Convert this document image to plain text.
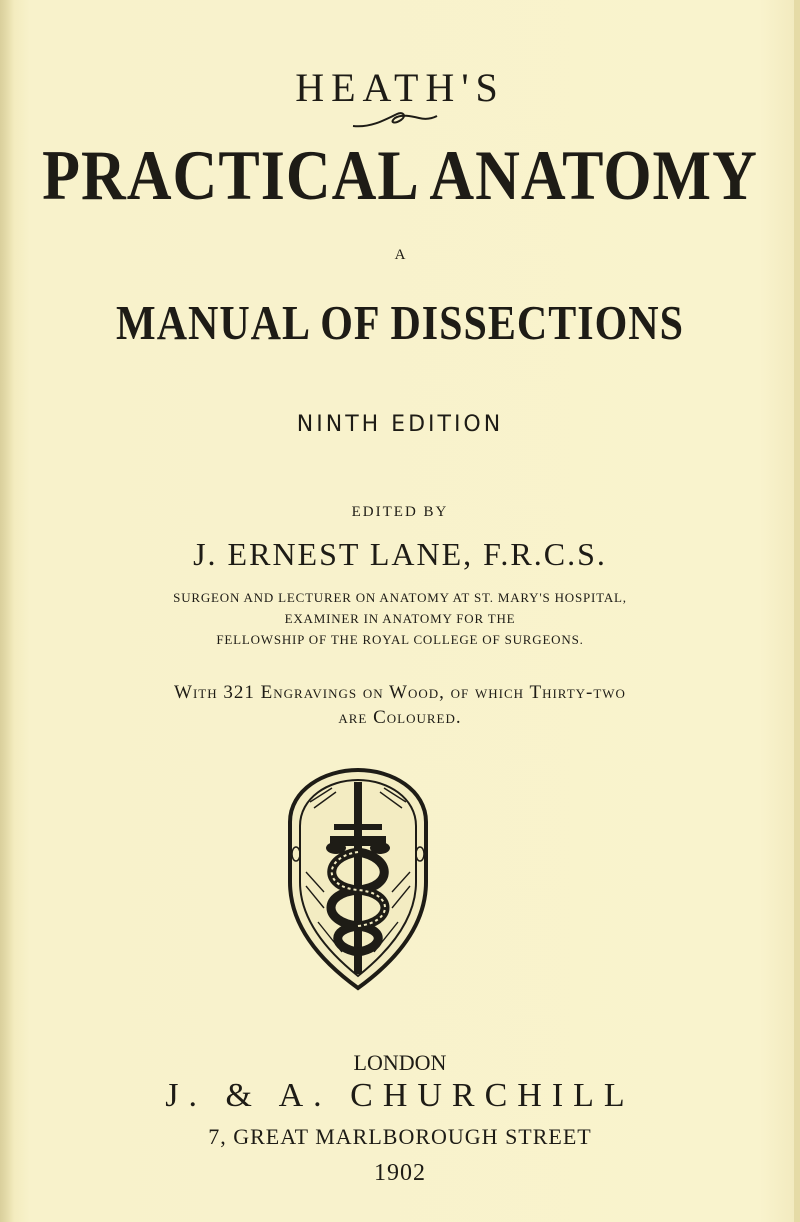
HEATH'S
PRACTICAL ANATOMY
A
MANUAL OF DISSECTIONS
NINTH EDITION
EDITED BY
J. ERNEST LANE, F.R.C.S.
SURGEON AND LECTURER ON ANATOMY AT ST. MARY'S HOSPITAL,
EXAMINER IN ANATOMY FOR THE
FELLOWSHIP OF THE ROYAL COLLEGE OF SURGEONS.
With 321 Engravings on Wood, of which Thirty-two
are Coloured.
LONDON
J. & A. CHURCHILL
7, GREAT MARLBOROUGH STREET
1902
